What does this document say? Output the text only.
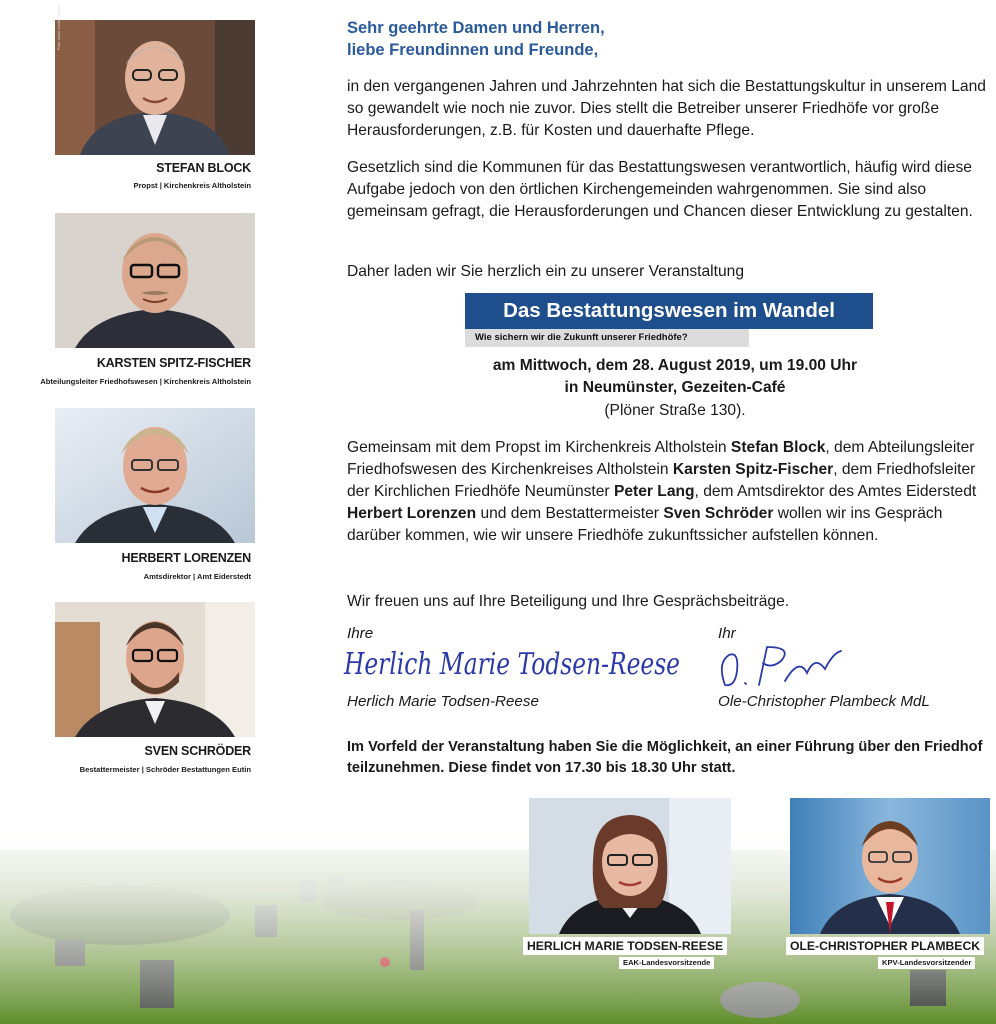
Foto: Anne Lenke Matzen
STEFAN BLOCK
Propst | Kirchenkreis Altholstein
KARSTEN SPITZ-FISCHER
Abteilungsleiter Friedhofswesen | Kirchenkreis Altholstein
HERBERT LORENZEN
Amtsdirektor | Amt Eiderstedt
SVEN SCHRÖDER
Bestattermeister | Schröder Bestattungen Eutin
Sehr geehrte Damen und Herren,
liebe Freundinnen und Freunde,

in den vergangenen Jahren und Jahrzehnten hat sich die Bestattungskultur in unserem Land so gewandelt wie noch nie zuvor. Dies stellt die Betreiber unserer Friedhöfe vor große Herausforderungen, z.B. für Kosten und dauerhafte Pflege.

Gesetzlich sind die Kommunen für das Bestattungswesen verantwortlich, häufig wird diese Aufgabe jedoch von den örtlichen Kirchengemeinden wahrgenommen. Sie sind also gemeinsam gefragt, die Herausforderungen und Chancen dieser Entwicklung zu gestalten.

Daher laden wir Sie herzlich ein zu unserer Veranstaltung

Das Bestattungswesen im Wandel
Wie sichern wir die Zukunft unserer Friedhöfe?
am Mittwoch, dem 28. August 2019, um 19.00 Uhr
in Neumünster, Gezeiten-Café
(Plöner Straße 130).

Gemeinsam mit dem Propst im Kirchenkreis Altholstein Stefan Block, dem Abteilungsleiter Friedhofswesen des Kirchenkreises Altholstein Karsten Spitz-Fischer, dem Friedhofsleiter der Kirchlichen Friedhöfe Neumünster Peter Lang, dem Amtsdirektor des Amtes Eiderstedt Herbert Lorenzen und dem Bestattermeister Sven Schröder wollen wir ins Gespräch darüber kommen, wie wir unsere Friedhöfe zukunftssicher aufstellen können.

Wir freuen uns auf Ihre Beteiligung und Ihre Gesprächsbeiträge.

Ihre
Herlich Marie Todsen-Reese
Herlich Marie Todsen-Reese
Ihr
O. Plambeck
Ole-Christopher Plambeck MdL
Im Vorfeld der Veranstaltung haben Sie die Möglichkeit, an einer Führung über den Friedhof teilzunehmen. Diese findet von 17.30 bis 18.30 Uhr statt.
HERLICH MARIE TODSEN-REESE
EAK-Landesvorsitzende
OLE-CHRISTOPHER PLAMBECK
KPV-Landesvorsitzender
